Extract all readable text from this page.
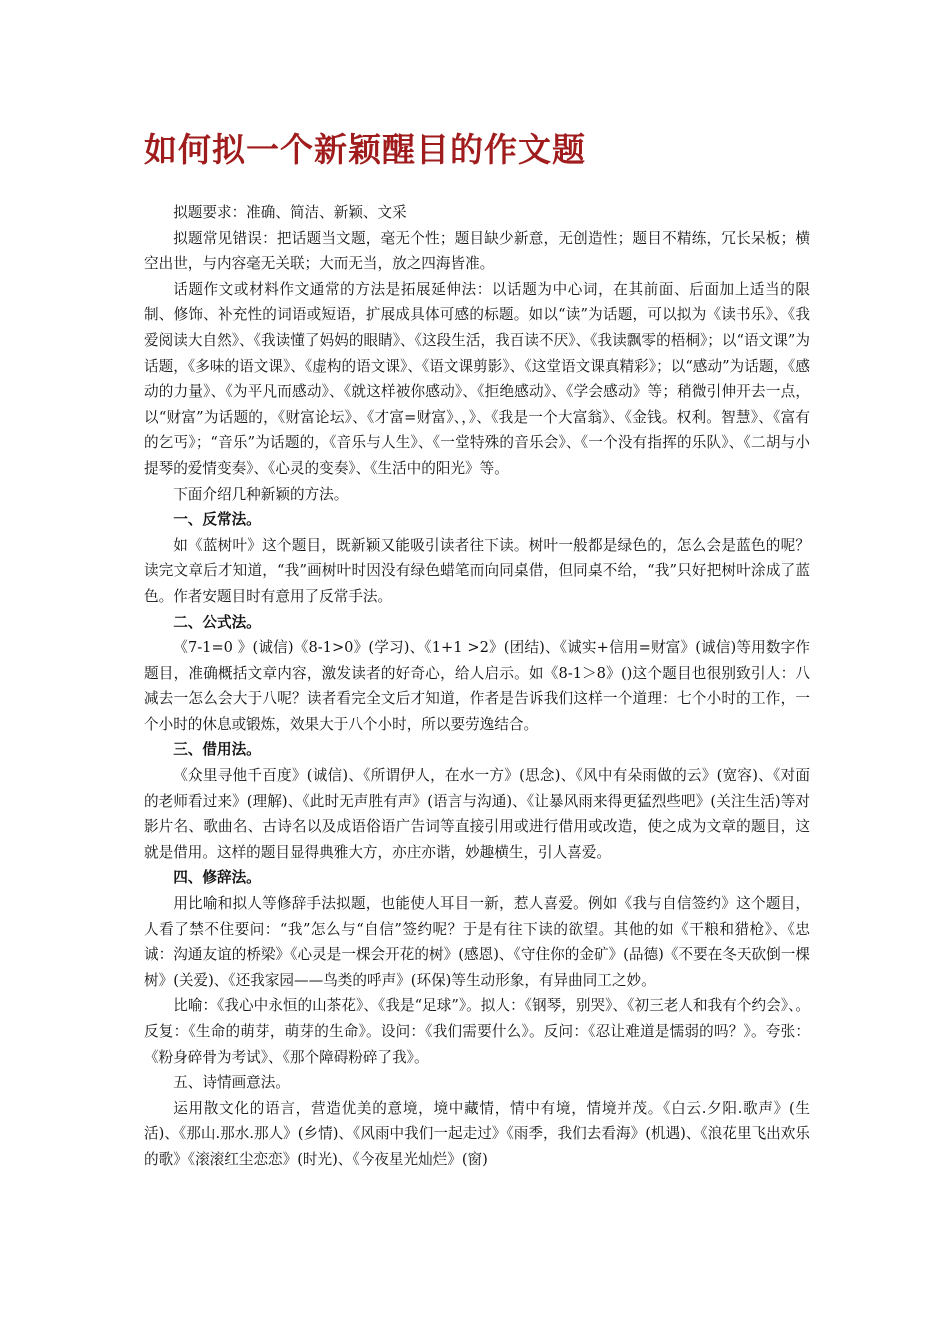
如何拟一个新颖醒目的作文题

拟题要求：准确、简洁、新颖、文采

拟题常见错误：把话题当文题，毫无个性；题目缺少新意，无创造性；题目不精练，冗长呆板；横空出世，与内容毫无关联；大而无当，放之四海皆准。

话题作文或材料作文通常的方法是拓展延伸法：以话题为中心词，在其前面、后面加上适当的限制、修饰、补充性的词语或短语，扩展成具体可感的标题。如以“读”为话题，可以拟为《读书乐》、《我爱阅读大自然》、《我读懂了妈妈的眼睛》、《这段生活，我百读不厌》、《我读飘零的梧桐》；以“语文课”为话题，《多味的语文课》、《虚构的语文课》、《语文课剪影》、《这堂语文课真精彩》；以“感动”为话题，《感动的力量》、《为平凡而感动》、《就这样被你感动》、《拒绝感动》、《学会感动》等；稍微引伸开去一点，以“财富”为话题的，《财富论坛》、《才富=财富》、，》、《我是一个大富翁》、《金钱。权利。智慧》、《富有的乞丐》；“音乐”为话题的，《音乐与人生》、《一堂特殊的音乐会》、《一个没有指挥的乐队》、《二胡与小提琴的爱情变奏》、《心灵的变奏》、《生活中的阳光》等。

下面介绍几种新颖的方法。

一、反常法。

如《蓝树叶》这个题目，既新颖又能吸引读者往下读。树叶一般都是绿色的，怎么会是蓝色的呢？读完文章后才知道，“我”画树叶时因没有绿色蜡笔而向同桌借，但同桌不给，“我”只好把树叶涂成了蓝色。作者安题目时有意用了反常手法。

二、公式法。

《7-1=0 》(诚信)《8-1>0》(学习)、《1+1 >2》(团结)、《诚实+信用=财富》(诚信)等用数字作题目，准确概括文章内容，激发读者的好奇心，给人启示。如《8-1＞8》()这个题目也很别致引人：八减去一怎么会大于八呢？读者看完全文后才知道，作者是告诉我们这样一个道理：七个小时的工作，一个小时的休息或锻炼，效果大于八个小时，所以要劳逸结合。

三、借用法。

《众里寻他千百度》(诚信)、《所谓伊人，在水一方》(思念)、《风中有朵雨做的云》(宽容)、《对面的老师看过来》(理解)、《此时无声胜有声》(语言与沟通)、《让暴风雨来得更猛烈些吧》(关注生活)等对影片名、歌曲名、古诗名以及成语俗语广告词等直接引用或进行借用或改造，使之成为文章的题目，这就是借用。这样的题目显得典雅大方，亦庄亦谐，妙趣横生，引人喜爱。

四、修辞法。

用比喻和拟人等修辞手法拟题，也能使人耳目一新，惹人喜爱。例如《我与自信签约》这个题目，人看了禁不住要问：“我”怎么与“自信”签约呢？于是有往下读的欲望。其他的如《干粮和猎枪》、《忠诚：沟通友谊的桥梁》《心灵是一棵会开花的树》(感恩)、《守住你的金矿》(品德)《不要在冬天砍倒一棵树》(关爱)、《还我家园——鸟类的呼声》(环保)等生动形象，有异曲同工之妙。

比喻：《我心中永恒的山茶花》、《我是“足球”》。拟人：《钢琴，别哭》、《初三老人和我有个约会》、。反复：《生命的萌芽，萌芽的生命》。设问：《我们需要什么》。反问：《忍让难道是懦弱的吗？》。夸张：《粉身碎骨为考试》、《那个障碍粉碎了我》。

五、诗情画意法。

运用散文化的语言，营造优美的意境，境中藏情，情中有境，情境并茂。《白云.夕阳.歌声》(生活)、《那山.那水.那人》(乡情)、《风雨中我们一起走过》《雨季，我们去看海》(机遇)、《浪花里飞出欢乐的歌》《滚滚红尘恋恋》(时光)、《今夜星光灿烂》(窗)
